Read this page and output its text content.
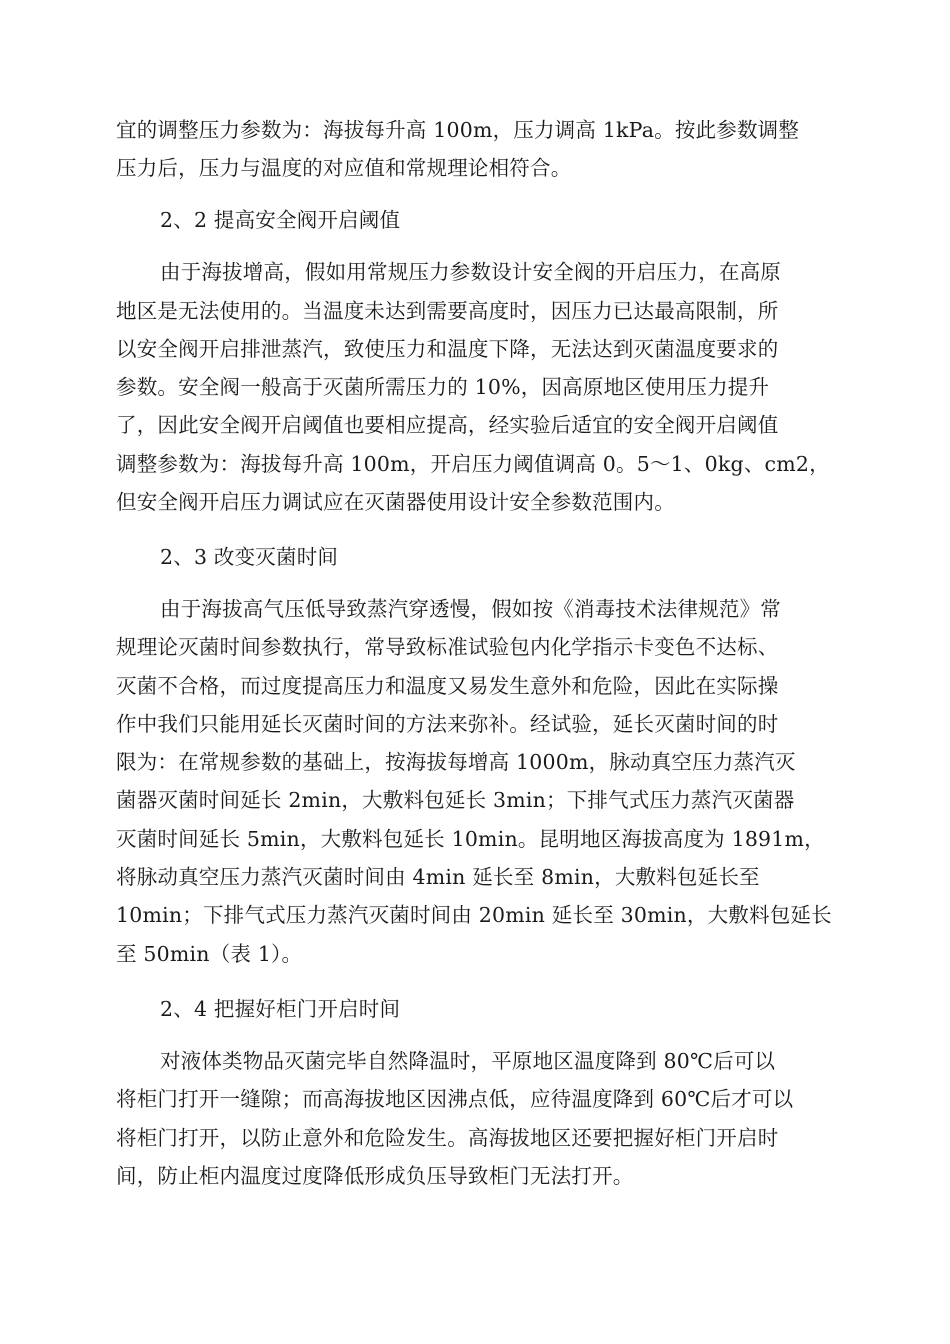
宜的调整压力参数为：海拔每升高 100m，压力调高 1kPa。按此参数调整
压力后，压力与温度的对应值和常规理论相符合。
2、2 提高安全阀开启阈值
由于海拔增高，假如用常规压力参数设计安全阀的开启压力，在高原
地区是无法使用的。当温度未达到需要高度时，因压力已达最高限制，所
以安全阀开启排泄蒸汽，致使压力和温度下降，无法达到灭菌温度要求的
参数。安全阀一般高于灭菌所需压力的 10%，因高原地区使用压力提升
了，因此安全阀开启阈值也要相应提高，经实验后适宜的安全阀开启阈值
调整参数为：海拔每升高 100m，开启压力阈值调高 0。5～1、0kg、cm2，
但安全阀开启压力调试应在灭菌器使用设计安全参数范围内。
2、3 改变灭菌时间
由于海拔高气压低导致蒸汽穿透慢，假如按《消毒技术法律规范》常
规理论灭菌时间参数执行，常导致标准试验包内化学指示卡变色不达标、
灭菌不合格，而过度提高压力和温度又易发生意外和危险，因此在实际操
作中我们只能用延长灭菌时间的方法来弥补。经试验，延长灭菌时间的时
限为：在常规参数的基础上，按海拔每增高 1000m，脉动真空压力蒸汽灭
菌器灭菌时间延长 2min，大敷料包延长 3min；下排气式压力蒸汽灭菌器
灭菌时间延长 5min，大敷料包延长 10min。昆明地区海拔高度为 1891m，
将脉动真空压力蒸汽灭菌时间由 4min 延长至 8min，大敷料包延长至
10min；下排气式压力蒸汽灭菌时间由 20min 延长至 30min，大敷料包延长
至 50min（表 1）。
2、4 把握好柜门开启时间
对液体类物品灭菌完毕自然降温时，平原地区温度降到 80℃后可以
将柜门打开一缝隙；而高海拔地区因沸点低，应待温度降到 60℃后才可以
将柜门打开，以防止意外和危险发生。高海拔地区还要把握好柜门开启时
间，防止柜内温度过度降低形成负压导致柜门无法打开。
